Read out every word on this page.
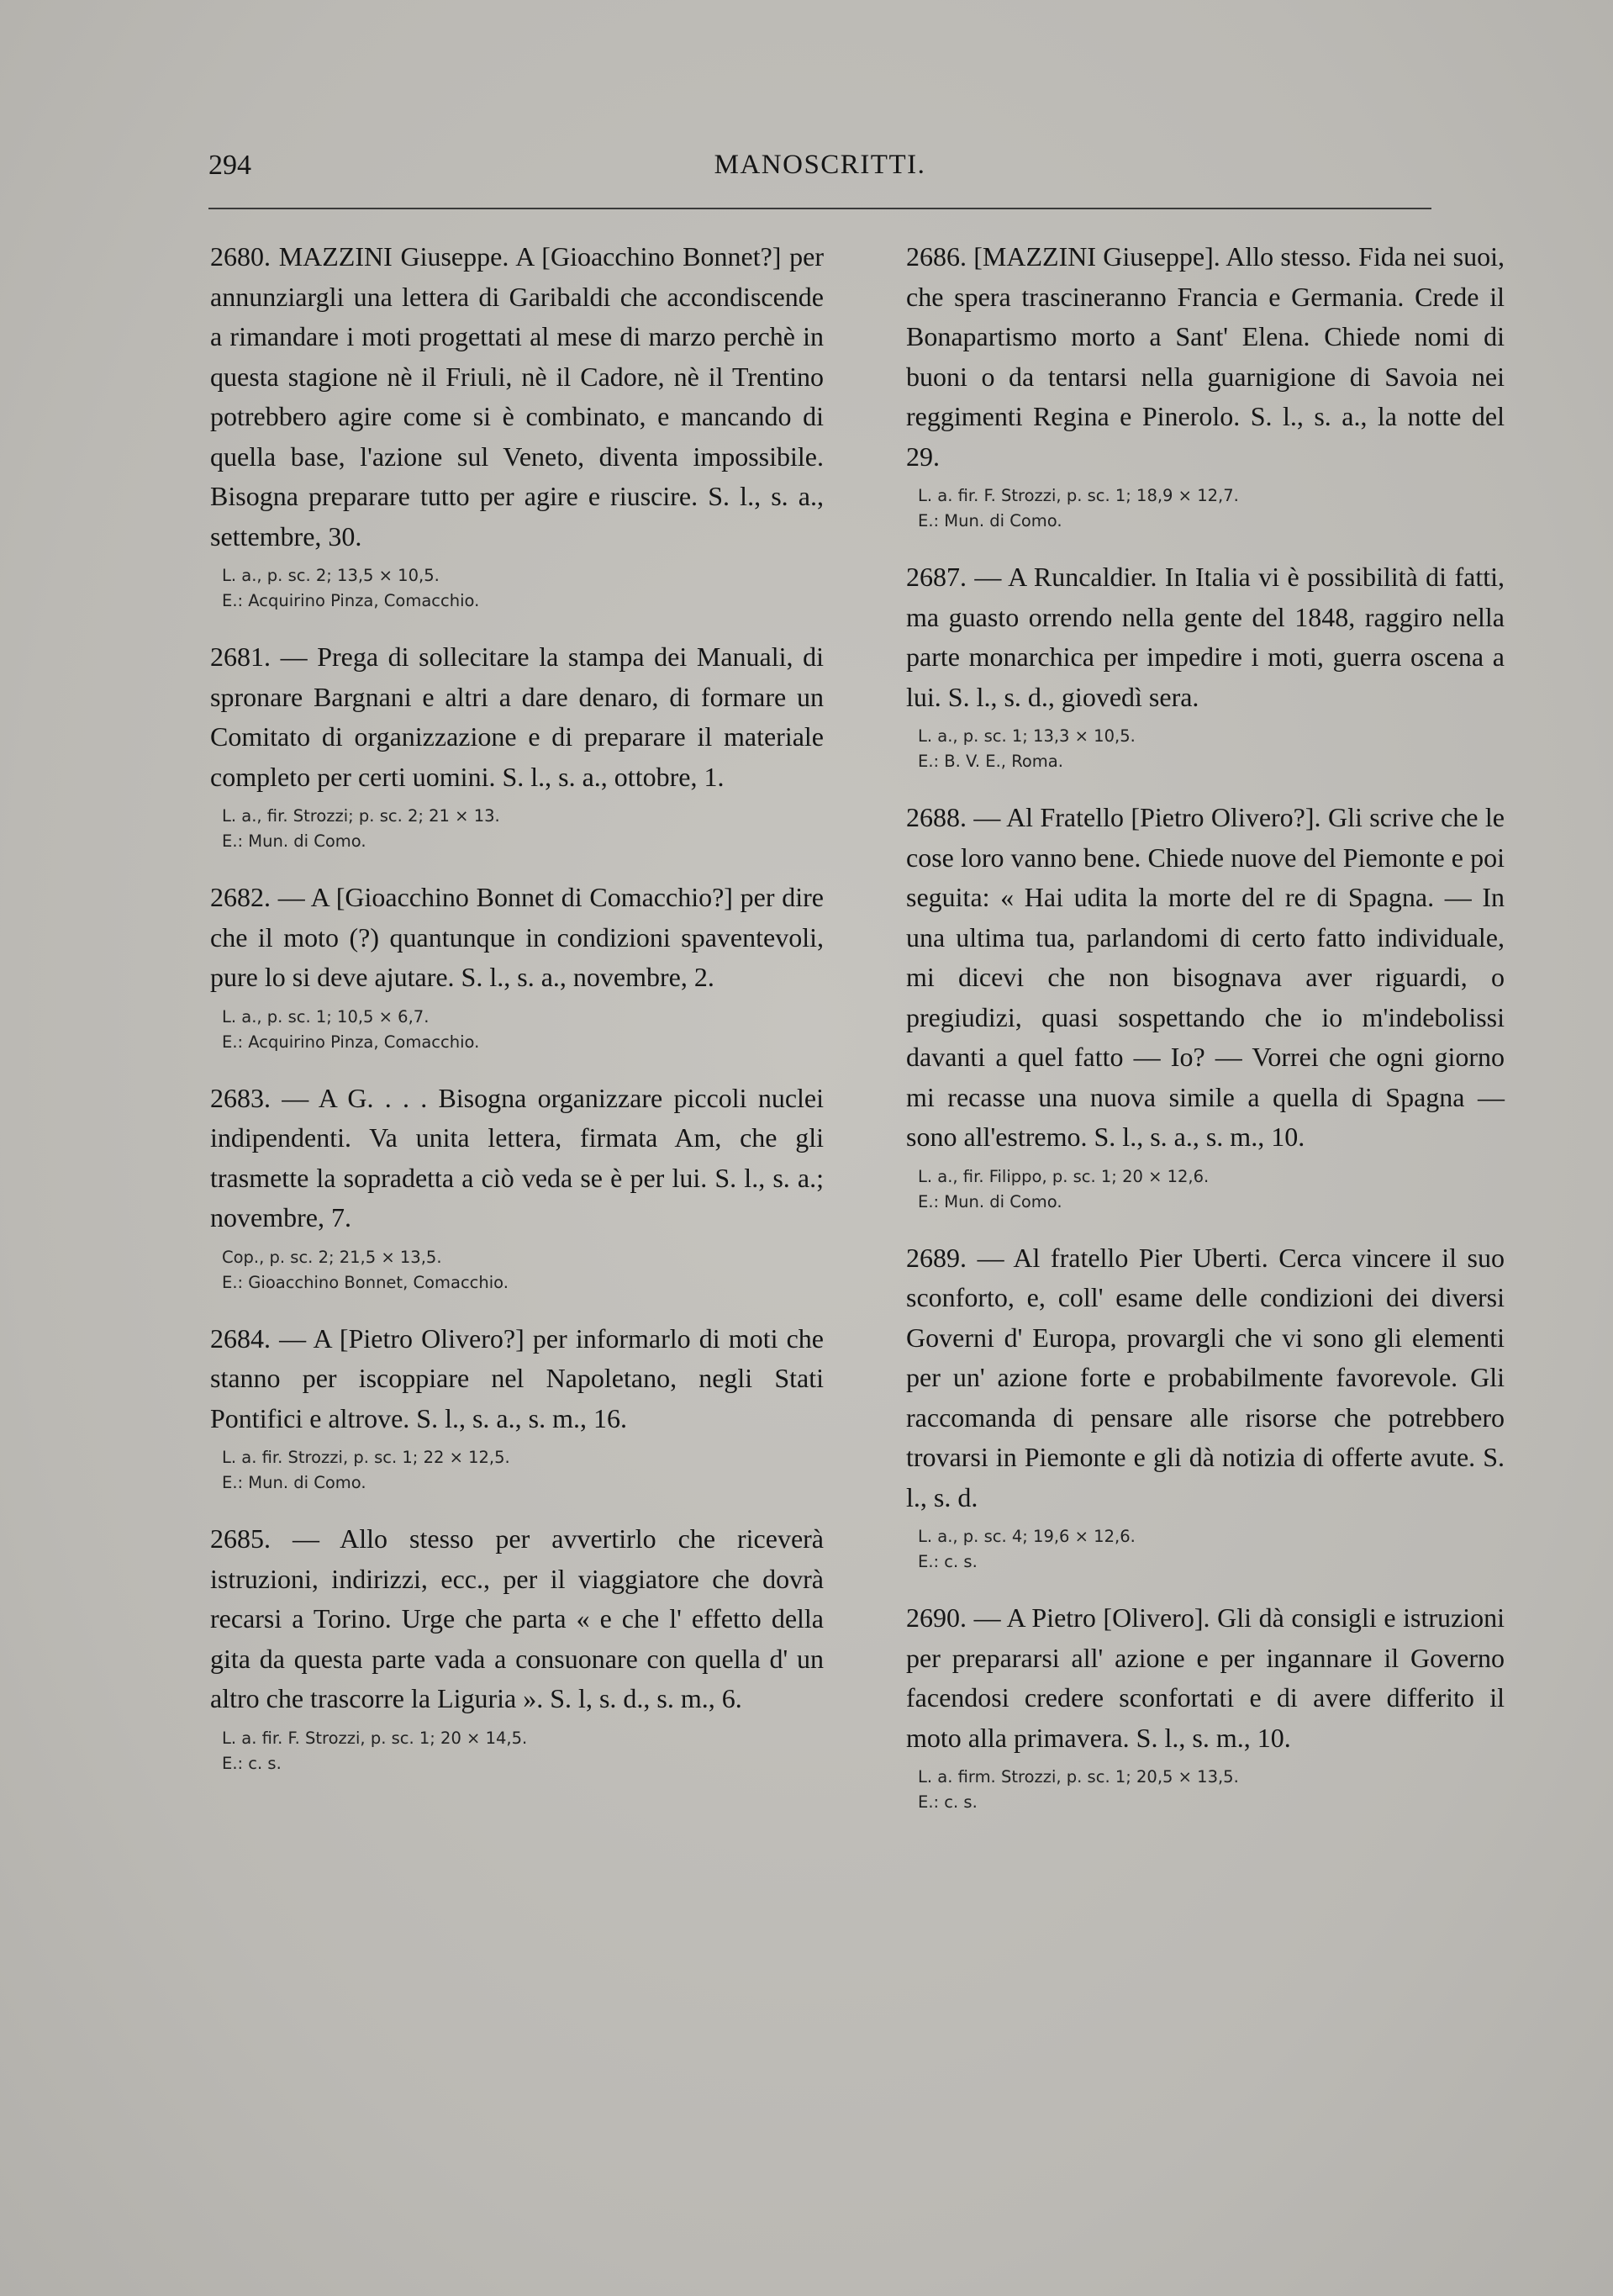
294	MANOSCRITTI.

2680. MAZZINI Giuseppe. A [Gioacchino Bonnet?] per annunziargli una lettera di Garibaldi che accondiscende a rimandare i moti progettati al mese di marzo perchè in questa stagione nè il Friuli, nè il Cadore, nè il Trentino potrebbero agire come si è combinato, e mancando di quella base, l'azione sul Veneto, diventa impossibile. Bisogna preparare tutto per agire e riuscire. S. l., s. a., settembre, 30.

L. a., p. sc. 2; 13,5 × 10,5.
E.: Acquirino Pinza, Comacchio.

2681. — Prega di sollecitare la stampa dei Manuali, di spronare Bargnani e altri a dare denaro, di formare un Comitato di organizzazione e di preparare il materiale completo per certi uomini. S. l., s. a., ottobre, 1.

L. a., fir. Strozzi; p. sc. 2; 21 × 13.
E.: Mun. di Como.

2682. — A [Gioacchino Bonnet di Comacchio?] per dire che il moto (?) quantunque in condizioni spaventevoli, pure lo si deve ajutare. S. l., s. a., novembre, 2.

L. a., p. sc. 1; 10,5 × 6,7.
E.: Acquirino Pinza, Comacchio.

2683. — A G. . . . Bisogna organizzare piccoli nuclei indipendenti. Va unita lettera, firmata Am, che gli trasmette la sopradetta a ciò veda se è per lui. S. l., s. a.; novembre, 7.

Cop., p. sc. 2; 21,5 × 13,5.
E.: Gioacchino Bonnet, Comacchio.

2684. — A [Pietro Olivero?] per informarlo di moti che stanno per iscoppiare nel Napoletano, negli Stati Pontifici e altrove. S. l., s. a., s. m., 16.

L. a. fir. Strozzi, p. sc. 1; 22 × 12,5.
E.: Mun. di Como.

2685. — Allo stesso per avvertirlo che riceverà istruzioni, indirizzi, ecc., per il viaggiatore che dovrà recarsi a Torino. Urge che parta « e che l' effetto della gita da questa parte vada a consuonare con quella d' un altro che trascorre la Liguria ». S. l, s. d., s. m., 6.

L. a. fir. F. Strozzi, p. sc. 1; 20 × 14,5.
E.: c. s.

2686. [MAZZINI Giuseppe]. Allo stesso. Fida nei suoi, che spera trascineranno Francia e Germania. Crede il Bonapartismo morto a Sant' Elena. Chiede nomi di buoni o da tentarsi nella guarnigione di Savoia nei reggimenti Regina e Pinerolo. S. l., s. a., la notte del 29.

L. a. fir. F. Strozzi, p. sc. 1; 18,9 × 12,7.
E.: Mun. di Como.

2687. — A Runcaldier. In Italia vi è possibilità di fatti, ma guasto orrendo nella gente del 1848, raggiro nella parte monarchica per impedire i moti, guerra oscena a lui. S. l., s. d., giovedì sera.

L. a., p. sc. 1; 13,3 × 10,5.
E.: B. V. E., Roma.

2688. — Al Fratello [Pietro Olivero?]. Gli scrive che le cose loro vanno bene. Chiede nuove del Piemonte e poi seguita: « Hai udita la morte del re di Spagna. — In una ultima tua, parlandomi di certo fatto individuale, mi dicevi che non bisognava aver riguardi, o pregiudizi, quasi sospettando che io m'indebolissi davanti a quel fatto — Io? — Vorrei che ogni giorno mi recasse una nuova simile a quella di Spagna — sono all'estremo. S. l., s. a., s. m., 10.

L. a., fir. Filippo, p. sc. 1; 20 × 12,6.
E.: Mun. di Como.

2689. — Al fratello Pier Uberti. Cerca vincere il suo sconforto, e, coll' esame delle condizioni dei diversi Governi d' Europa, provargli che vi sono gli elementi per un' azione forte e probabilmente favorevole. Gli raccomanda di pensare alle risorse che potrebbero trovarsi in Piemonte e gli dà notizia di offerte avute. S. l., s. d.

L. a., p. sc. 4; 19,6 × 12,6.
E.: c. s.

2690. — A Pietro [Olivero]. Gli dà consigli e istruzioni per prepararsi all' azione e per ingannare il Governo facendosi credere sconfortati e di avere differito il moto alla primavera. S. l., s. m., 10.

L. a. firm. Strozzi, p. sc. 1; 20,5 × 13,5.
E.: c. s.
